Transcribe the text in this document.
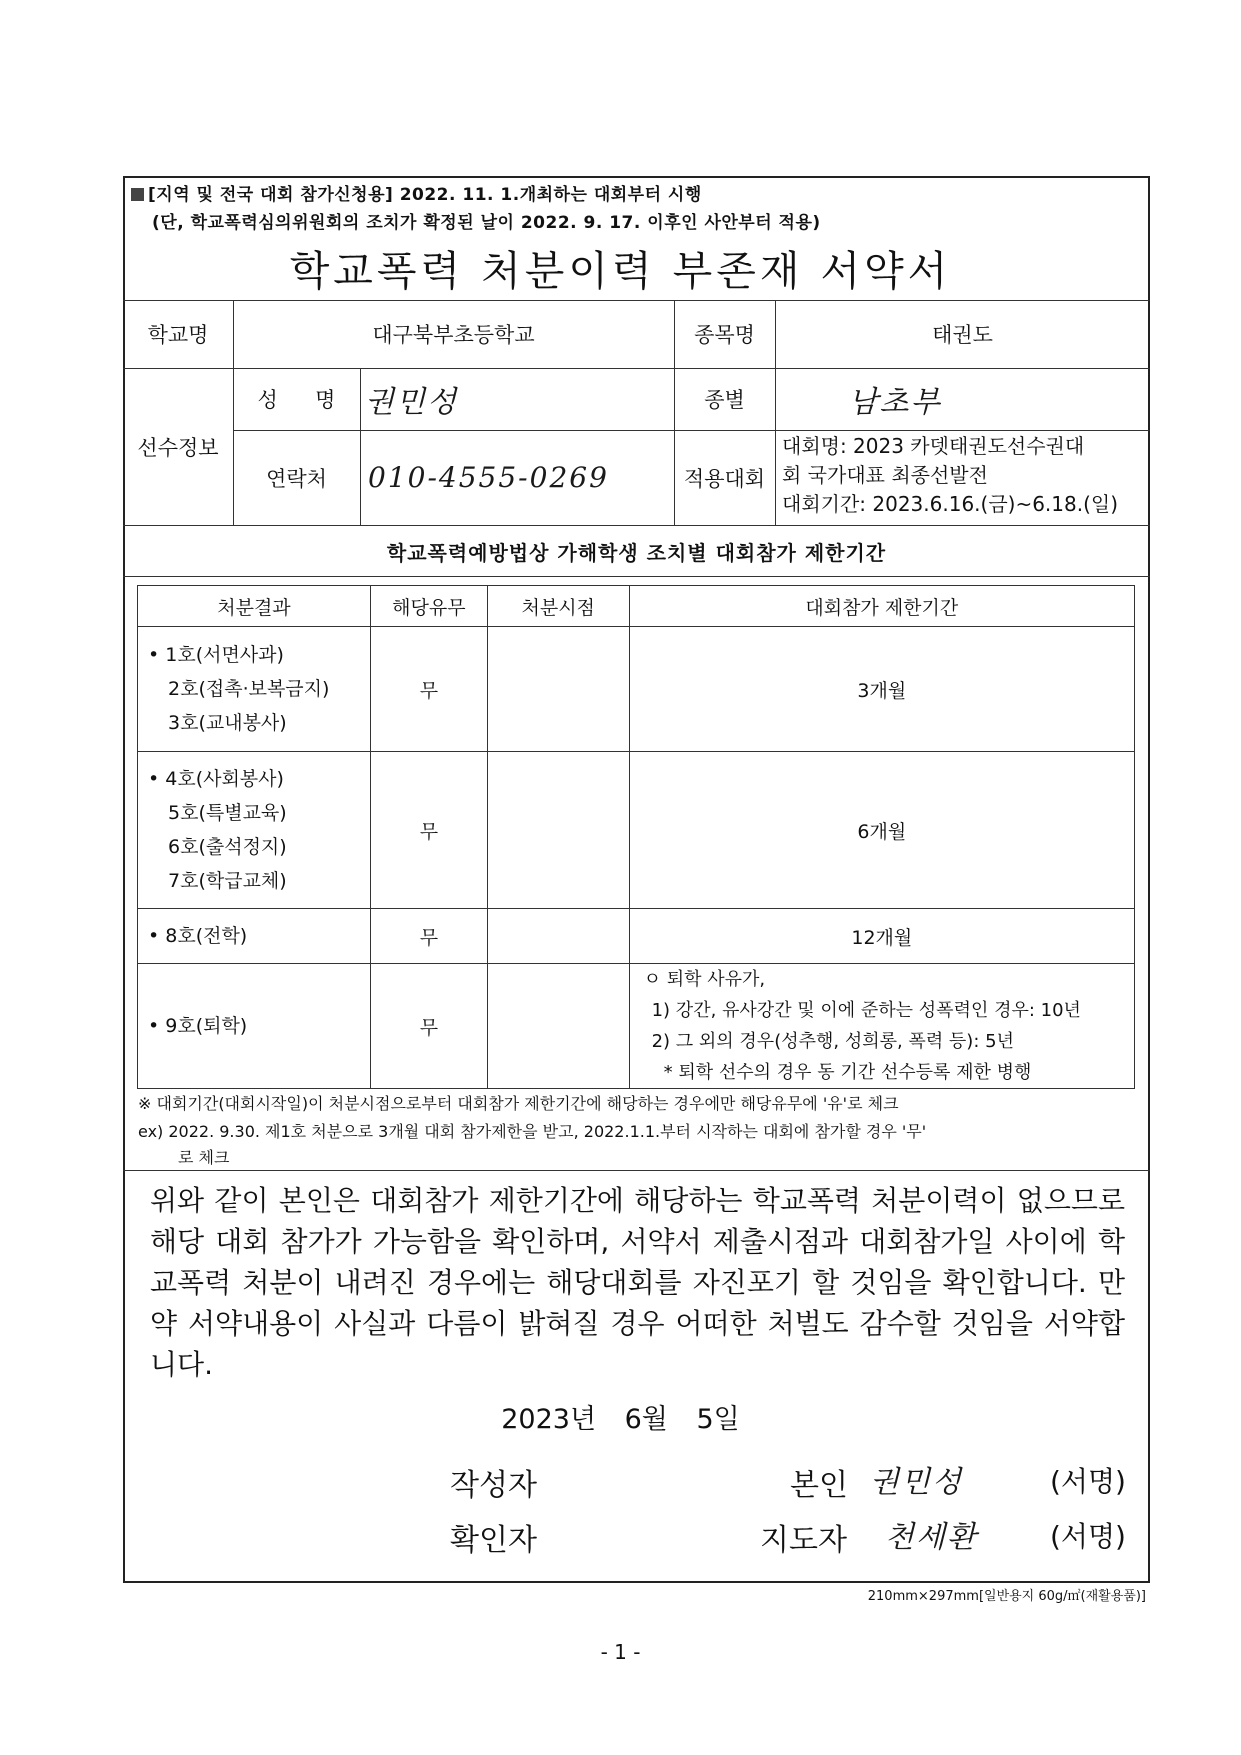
[지역 및 전국 대회 참가신청용] 2022. 11. 1.개최하는 대회부터 시행
(단, 학교폭력심의위원회의 조치가 확정된 날이 2022. 9. 17. 이후인 사안부터 적용)
학교폭력 처분이력 부존재 서약서
학교명	대구북부초등학교	종목명	태권도
선수정보
성  명 권민성	종별	남초부
연락처	010-4555-0269	적용대회
대회명: 2023 카뎃태권도선수권대
회 국가대표 최종선발전
대회기간: 2023.6.16.(금)~6.18.(일)
학교폭력예방법상 가해학생 조치별 대회참가 제한기간
처분결과	해당유무	처분시점	대회참가 제한기간

• 1호(서면사과)
2호(접촉·보복금지)
3호(교내봉사)	무		3개월

• 4호(사회봉사)
5호(특별교육)
6호(출석정지)
7호(학급교체)	무		6개월

• 8호(전학)	무		12개월

• 9호(퇴학)	무		ㅇ 퇴학 사유가,
1) 강간, 유사강간 및 이에 준하는 성폭력인 경우: 10년
2) 그 외의 경우(성추행, 성희롱, 폭력 등): 5년
* 퇴학 선수의 경우 동 기간 선수등록 제한 병행
※ 대회기간(대회시작일)이 처분시점으로부터 대회참가 제한기간에 해당하는 경우에만 해당유무에 '유'로 체크
ex) 2022. 9.30. 제1호 처분으로 3개월 대회 참가제한을 받고, 2022.1.1.부터 시작하는 대회에 참가할 경우 '무'
로 체크
위와 같이 본인은 대회참가 제한기간에 해당하는 학교폭력 처분이력이 없으므로 해당 대회 참가가 가능함을 확인하며, 서약서 제출시점과 대회참가일 사이에 학교폭력 처분이 내려진 경우에는 해당대회를 자진포기 할 것임을 확인합니다. 만약 서약내용이 사실과 다름이 밝혀질 경우 어떠한 처벌도 감수할 것임을 서약합니다.
2023년 6월 5일
작성자	본인 권민성	(서명)
확인자	지도자 천세환	(서명)
210mm×297mm[일반용지 60g/㎡(재활용품)]
- 1 -
